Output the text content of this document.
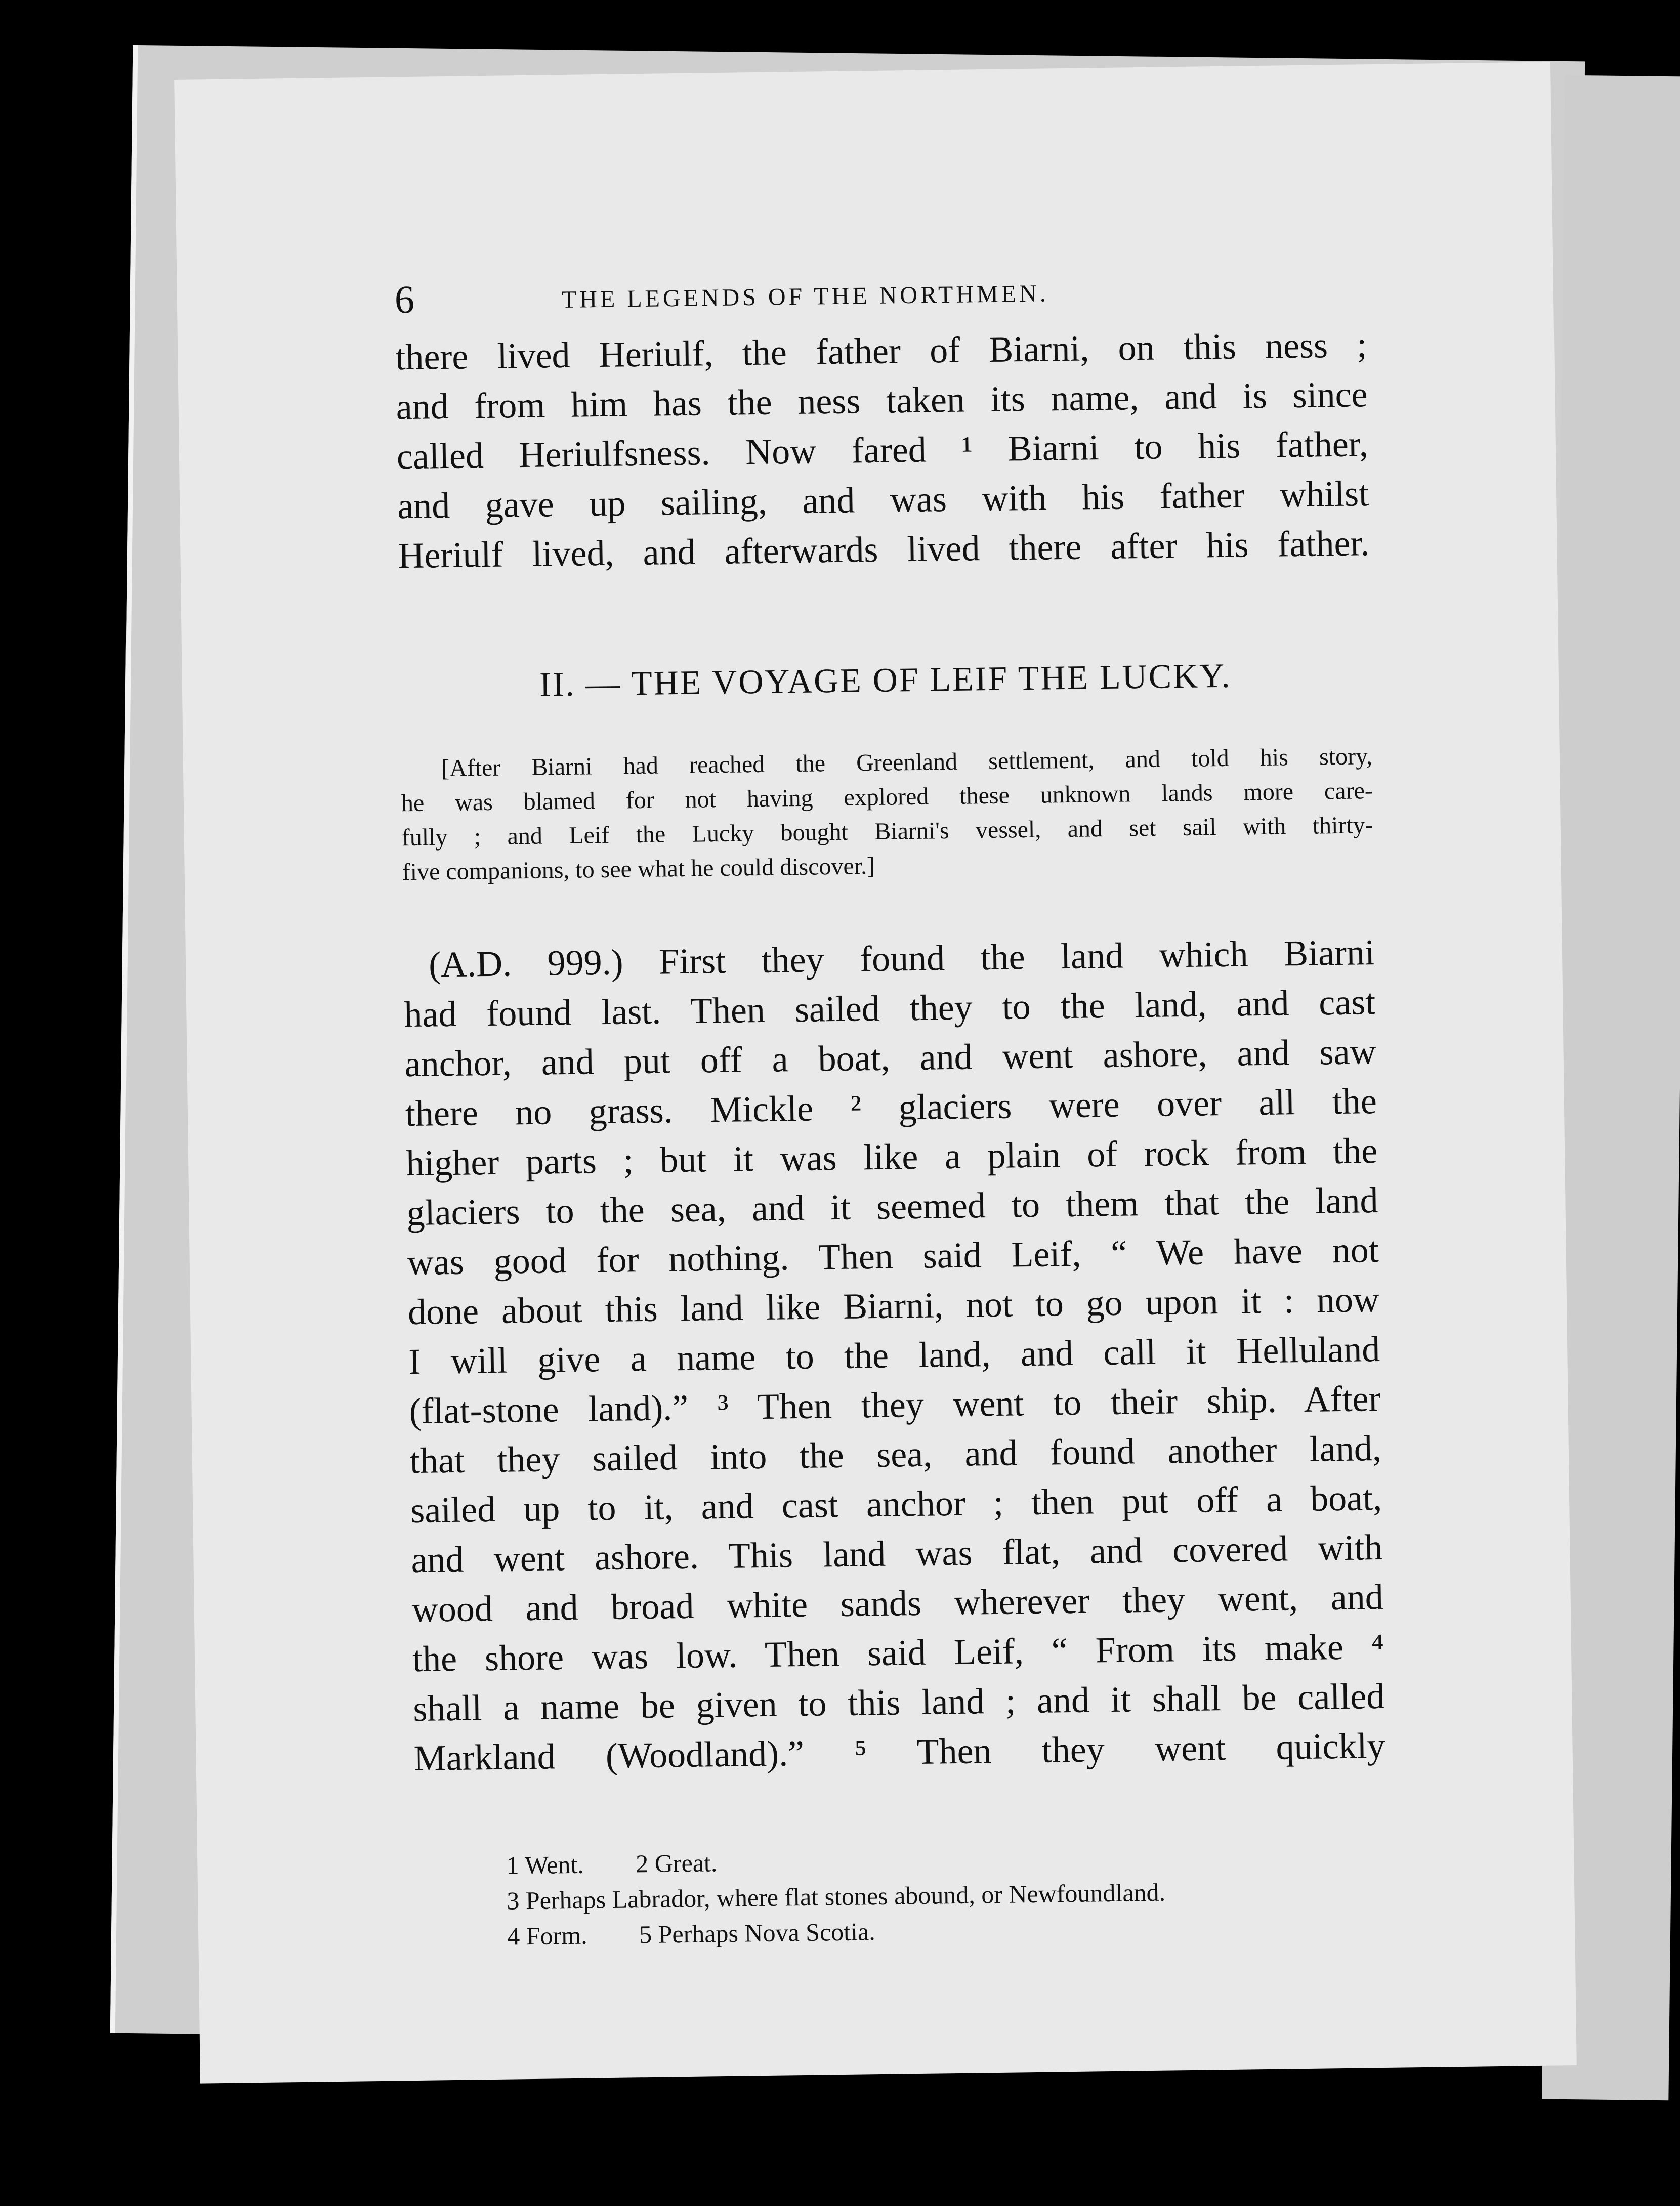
6	THE LEGENDS OF THE NORTHMEN.

there lived Heriulf, the father of Biarni, on this ness ;
and from him has the ness taken its name, and is since
called Heriulfsness. Now fared ¹ Biarni to his father,
and gave up sailing, and was with his father whilst
Heriulf lived, and afterwards lived there after his father.

II. — THE VOYAGE OF LEIF THE LUCKY.
[After Biarni had reached the Greenland settlement, and told his story,
he was blamed for not having explored these unknown lands more care-
fully ; and Leif the Lucky bought Biarni's vessel, and set sail with thirty-
five companions, to see what he could discover.]

(A.D. 999.) First they found the land which Biarni
had found last. Then sailed they to the land, and cast
anchor, and put off a boat, and went ashore, and saw
there no grass. Mickle ² glaciers were over all the
higher parts ; but it was like a plain of rock from the
glaciers to the sea, and it seemed to them that the land
was good for nothing. Then said Leif, “ We have not
done about this land like Biarni, not to go upon it : now
I will give a name to the land, and call it Helluland
(flat-stone land).” ³ Then they went to their ship. After
that they sailed into the sea, and found another land,
sailed up to it, and cast anchor ; then put off a boat,
and went ashore. This land was flat, and covered with
wood and broad white sands wherever they went, and
the shore was low. Then said Leif, “ From its make ⁴
shall a name be given to this land ; and it shall be called
Markland (Woodland).” ⁵ Then they went quickly

1 Went. 2 Great.
3 Perhaps Labrador, where flat stones abound, or Newfoundland.
4 Form. 5 Perhaps Nova Scotia.
